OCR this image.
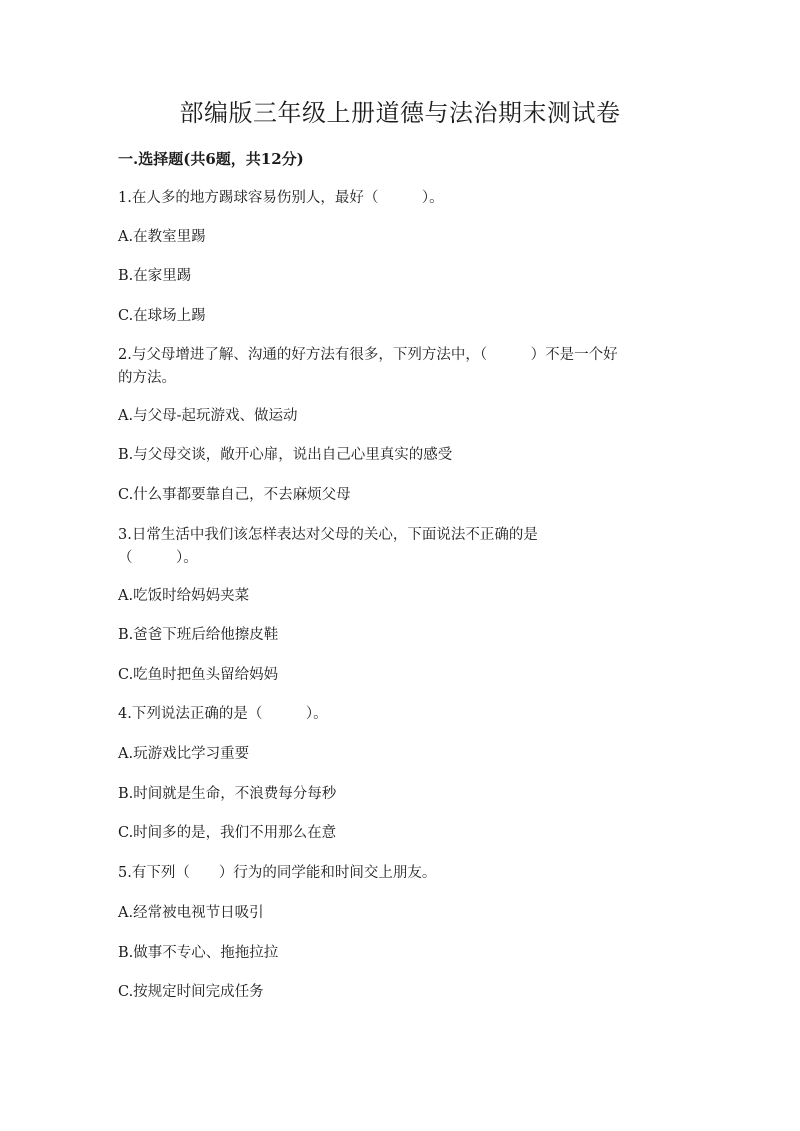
部编版三年级上册道德与法治期末测试卷
一.选择题(共6题，共12分)
1.在人多的地方踢球容易伤别人，最好（　　　）。
A.在教室里踢
B.在家里踢
C.在球场上踢
2.与父母增进了解、沟通的好方法有很多，下列方法中，（　　　）不是一个好
的方法。
A.与父母-起玩游戏、做运动
B.与父母交谈，敞开心扉，说出自己心里真实的感受
C.什么事都要靠自己，不去麻烦父母
3.日常生活中我们该怎样表达对父母的关心，下面说法不正确的是
（　　　）。
A.吃饭时给妈妈夹菜
B.爸爸下班后给他擦皮鞋
C.吃鱼时把鱼头留给妈妈
4.下列说法正确的是（　　　）。
A.玩游戏比学习重要
B.时间就是生命，不浪费每分每秒
C.时间多的是，我们不用那么在意
5.有下列（　　）行为的同学能和时间交上朋友。
A.经常被电视节日吸引
B.做事不专心、拖拖拉拉
C.按规定时间完成任务
